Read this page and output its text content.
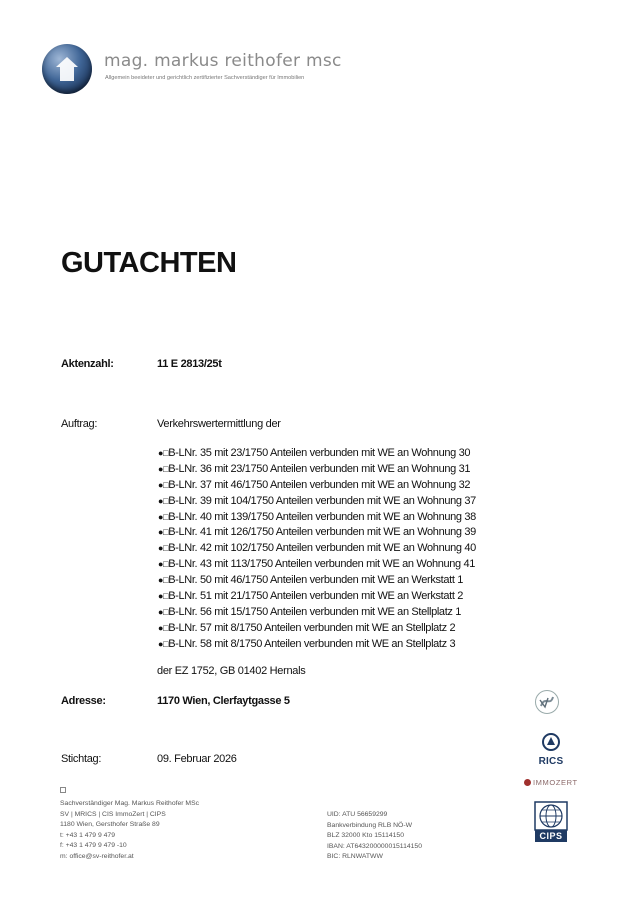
mag. markus reithofer msc
Allgemein beeideter und gerichtlich zertifizierter Sachverständiger für Immobilien
GUTACHTEN
Aktenzahl:	11 E 2813/25t
Auftrag:	Verkehrswertermittlung der
●□B-LNr. 35 mit 23/1750 Anteilen verbunden mit WE an Wohnung 30
●□B-LNr. 36 mit 23/1750 Anteilen verbunden mit WE an Wohnung 31
●□B-LNr. 37 mit 46/1750 Anteilen verbunden mit WE an Wohnung 32
●□B-LNr. 39 mit 104/1750 Anteilen verbunden mit WE an Wohnung 37
●□B-LNr. 40 mit 139/1750 Anteilen verbunden mit WE an Wohnung 38
●□B-LNr. 41 mit 126/1750 Anteilen verbunden mit WE an Wohnung 39
●□B-LNr. 42 mit 102/1750 Anteilen verbunden mit WE an Wohnung 40
●□B-LNr. 43 mit 113/1750 Anteilen verbunden mit WE an Wohnung 41
●□B-LNr. 50 mit 46/1750 Anteilen verbunden mit WE an Werkstatt 1
●□B-LNr. 51 mit 21/1750 Anteilen verbunden mit WE an Werkstatt 2
●□B-LNr. 56 mit 15/1750 Anteilen verbunden mit WE an Stellplatz 1
●□B-LNr. 57 mit 8/1750 Anteilen verbunden mit WE an Stellplatz 2
●□B-LNr. 58 mit 8/1750 Anteilen verbunden mit WE an Stellplatz 3
der EZ 1752, GB 01402 Hernals
Adresse:	1170 Wien, Clerfaytgasse 5
Stichtag:	09. Februar 2026
Sachverständiger Mag. Markus Reithofer MSc
SV | MRICS | CIS ImmoZert | CIPS
1180 Wien, Gersthofer Straße 89
t: +43 1 479 9 479
f: +43 1 479 9 479 -10
m: office@sv-reithofer.at
UID: ATU 56659299
Bankverbindung RLB NÖ-W
BLZ 32000 Kto 15114150
IBAN: AT643200000015114150
BIC: RLNWATWW
RICS
IMMOZERT
CIPS
